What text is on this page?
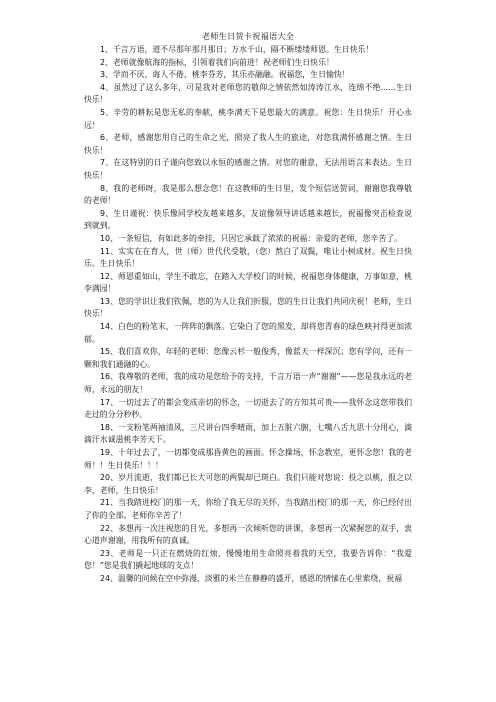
老师生日贺卡祝福语大全

1、千言万语，道不尽那年那月那日；万水千山，隔不断缕缕师恩。生日快乐！

2、老师就像航海的指标，引领着我们向前进！祝老师们生日快乐！

3、学而不厌，诲人不倦，桃李芬芳，其乐亦融融。祝福您，生日愉快！

4、虽然过了这么多年，可是我对老师您的敬仰之情依然如涛涛江水，连绵不绝......生日快乐！

5、辛劳的耕耘是您无私的奉献，桃李满天下是您最大的满意。祝您：生日快乐！开心永远！

6、老师，感谢您用自己的生命之光，照亮了我人生的旅途，对您我满怀感谢之情。生日快乐！

7、在这特别的日子谨向您致以永恒的感谢之情。对您的谢意，无法用语言来表达。生日快乐！

8、我的老师呀，我是那么想念您！在这教师的生日里，发个短信送贺词，谢谢您我尊敬的老师！

9、生日谨祝：快乐像同学校友越来越多，友谊像领导讲话越来越长，祝福像突击检查说到就到。

10、一条短信，有如此多的牵挂，只因它承载了浓浓的祝福：亲爱的老师，您辛苦了。

11、实实在在育人，世（师）世代代受敬，（您）熬白了双鬓，唯让小树成材。祝生日快乐。生日快乐！

12、师恩重如山，学生不敢忘，在踏入大学校门的时候，祝福您身体健康，万事如意，桃李满园！

13、您的学识让我们钦佩，您的为人让我们折服，您的生日让我们共同庆祝！老师，生日快乐！

14、白色的粉笔末，一阵阵的飘落。它染白了您的黑发，却将您青春的绿色映衬得更加浓郁。

15、我们喜欢你，年轻的老师：您像云杉一般俊秀，像蓝天一样深沉；您有学问，还有一颗和我们通融的心。

16、我尊敬的老师，我的成功是您给予的支持，千言万语一声“谢谢”——您是我永远的老师，永远的朋友！

17、一切过去了的都会变成亲切的怀念，一切逝去了的方知其可贵——我怀念这您带我们走过的分分秒秒。

18、一支粉笔两袖清风，三尺讲台四季晴雨，加上五脏六腑，七嘴八舌九思十分用心，滴滴汗水诚滋桃李芳天下。

19、十年过去了，一切都变成那昏黄色的画面。怀念操场，怀念教室，更怀念您！我的老师！！生日快乐！！！

20、岁月流逝，我们都已长大可您的两鬓却已斑白。我们只能对您说：投之以桃，报之以李，老师，生日快乐！

21、当我踏进校门的那一天，你给了我无尽的关怀，当我踏出校门的那一天，你已经付出了你的全部。老师你辛苦了！

22、多想再一次注视您的目光，多想再一次倾听您的讲课，多想再一次紧握您的双手，衷心道声谢谢，用我所有的真诚。

23、老师是一只正在燃烧的红烛，慢慢地用生命照亮着我的天空，我要告诉你：“我爱您！”您是我们撬起地球的支点！

24、温馨的问候在空中弥漫，淡雅的米兰在静静的盛开，感恩的情愫在心里萦绕，祝福
